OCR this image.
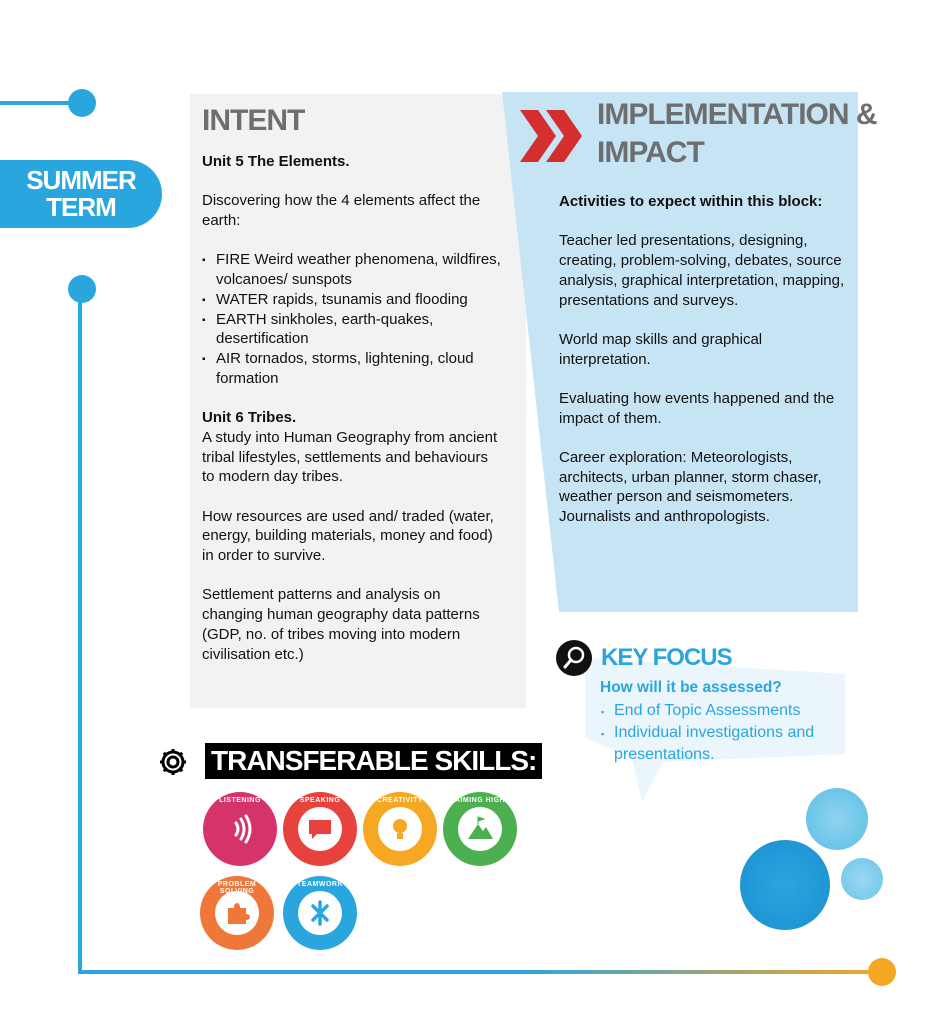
SUMMER
TERM
INTENT

Unit 5 The Elements.

Discovering how the 4 elements affect the earth:

▪ FIRE Weird weather phenomena, wildfires, volcanoes/ sunspots
▪ WATER rapids, tsunamis and flooding
▪ EARTH sinkholes, earth-quakes, desertification
▪ AIR tornados, storms, lightening, cloud formation

Unit 6 Tribes.

A study into Human Geography from ancient tribal lifestyles, settlements and behaviours to modern day tribes.

How resources are used and/ traded (water, energy, building materials, money and food) in order to survive.

Settlement patterns and analysis on changing human geography data patterns (GDP, no. of tribes moving into modern civilisation etc.)

IMPLEMENTATION &
IMPACT

Activities to expect within this block:

Teacher led presentations, designing, creating, problem-solving, debates, source analysis, graphical interpretation, mapping, presentations and surveys.

World map skills and graphical interpretation.

Evaluating how events happened and the impact of them.

Career exploration: Meteorologists, architects, urban planner, storm chaser, weather person and seismometers. Journalists and anthropologists.

KEY FOCUS
How will it be assessed?
▪ End of Topic Assessments
▪ Individual investigations and presentations.
TRANSFERABLE SKILLS:
LISTENING	SPEAKING	CREATIVITY	AIMING HIGH
PROBLEM SOLVING
TEAMWORK
